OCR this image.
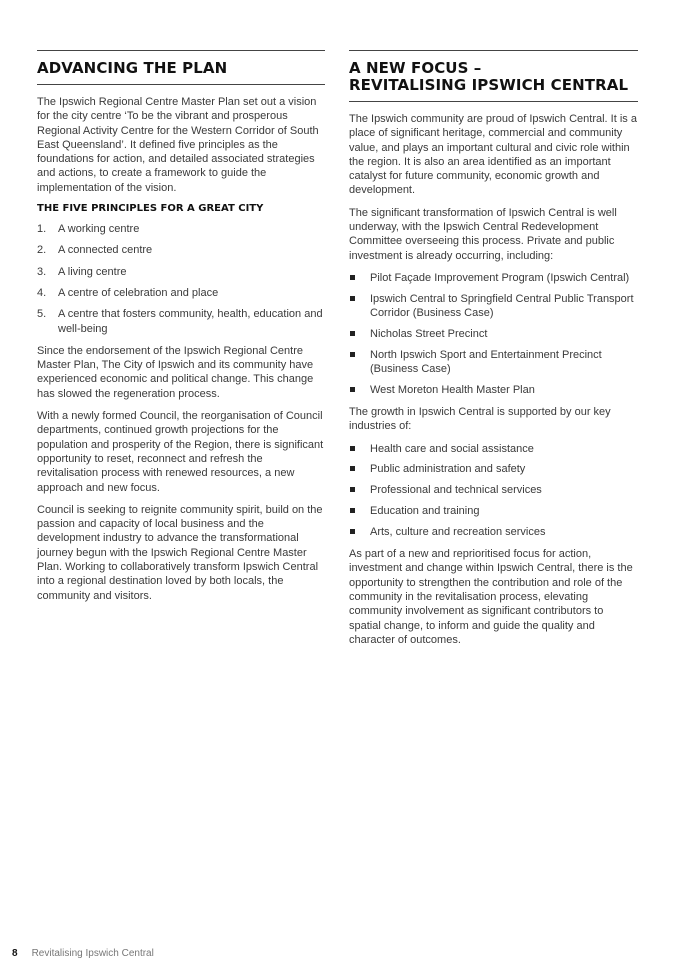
ADVANCING THE PLAN

The Ipswich Regional Centre Master Plan set out a vision for the city centre ‘To be the vibrant and prosperous Regional Activity Centre for the Western Corridor of South East Queensland’. It defined five principles as the foundations for action, and detailed associated strategies and actions, to create a framework to guide the implementation of the vision.

THE FIVE PRINCIPLES FOR A GREAT CITY
1. A working centre
2. A connected centre
3. A living centre
4. A centre of celebration and place
5. A centre that fosters community, health, education and well-being

Since the endorsement of the Ipswich Regional Centre Master Plan, The City of Ipswich and its community have experienced economic and political change. This change has slowed the regeneration process.

With a newly formed Council, the reorganisation of Council departments, continued growth projections for the population and prosperity of the Region, there is significant opportunity to reset, reconnect and refresh the revitalisation process with renewed resources, a new approach and new focus.

Council is seeking to reignite community spirit, build on the passion and capacity of local business and the development industry to advance the transformational journey begun with the Ipswich Regional Centre Master Plan. Working to collaboratively transform Ipswich Central into a regional destination loved by both locals, the community and visitors.

A NEW FOCUS –
REVITALISING IPSWICH CENTRAL

The Ipswich community are proud of Ipswich Central. It is a place of significant heritage, commercial and community value, and plays an important cultural and civic role within the region. It is also an area identified as an important catalyst for future community, economic growth and development.

The significant transformation of Ipswich Central is well underway, with the Ipswich Central Redevelopment Committee overseeing this process. Private and public investment is already occurring, including:

Pilot Façade Improvement Program (Ipswich Central)
Ipswich Central to Springfield Central Public Transport Corridor (Business Case)
Nicholas Street Precinct
North Ipswich Sport and Entertainment Precinct (Business Case)
West Moreton Health Master Plan

The growth in Ipswich Central is supported by our key industries of:

Health care and social assistance
Public administration and safety
Professional and technical services
Education and training
Arts, culture and recreation services

As part of a new and reprioritised focus for action, investment and change within Ipswich Central, there is the opportunity to strengthen the contribution and role of the community in the revitalisation process, elevating community involvement as significant contributors to spatial change, to inform and guide the quality and character of outcomes.

8 Revitalising Ipswich Central
